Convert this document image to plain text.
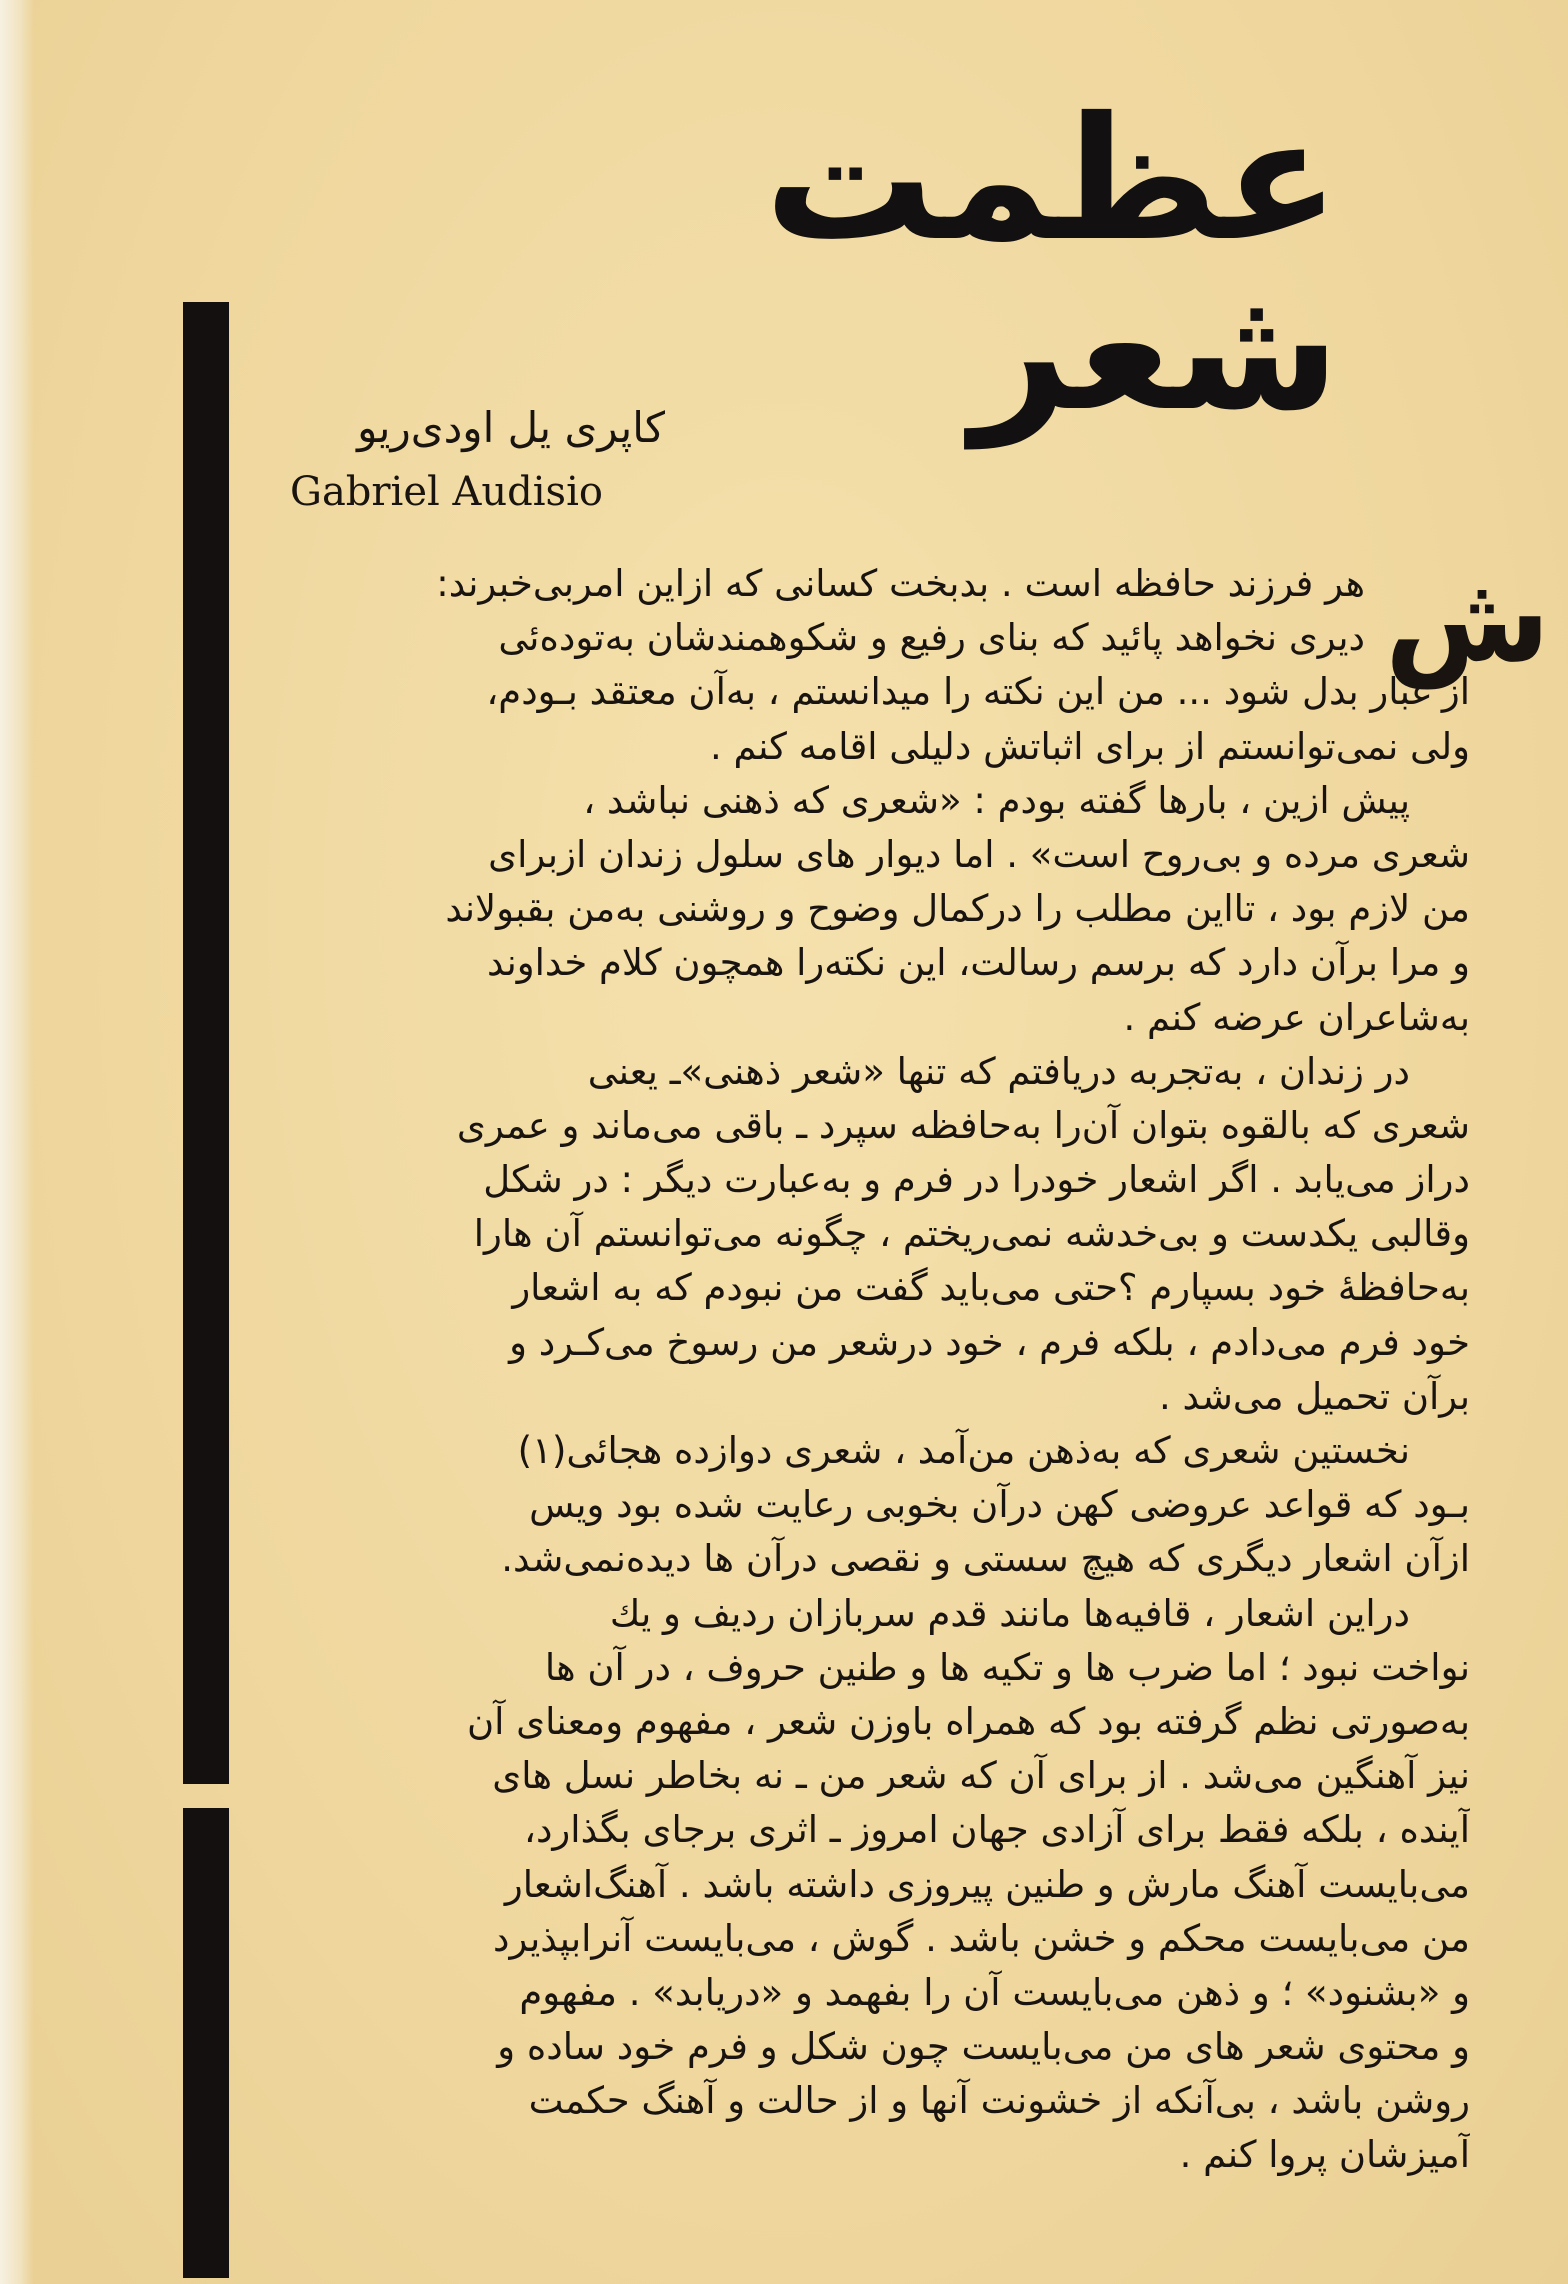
عظمت شعر
کاپری یل اودی‌ریو
Gabriel Audisio
ش
هر فرزند حافظه است . بدبخت کسانی که ازاین امربی‌خبرند:
دیری نخواهد پائید که بنای رفیع و شکوهمندشان به‌توده‌ئی
از غبار بدل شود ... من این نکته را میدانستم ، به‌آن معتقد بـودم،
ولی نمی‌توانستم از برای اثباتش دلیلی اقامه کنم .
پیش ازین ، بارها گفته بودم : «شعری که ذهنی نباشد ،
شعری مرده و بی‌روح است» . اما دیوار های سلول زندان ازبرای
من لازم بود ، تااین مطلب را درکمال وضوح و روشنی به‌من بقبولاند
و مرا برآن دارد که برسم رسالت، این نکته‌را همچون کلام خداوند
به‌شاعران عرضه کنم .
در زندان ، به‌تجربه دریافتم که تنها «شعر ذهنی»ـ یعنی
شعری که بالقوه بتوان آن‌را به‌حافظه سپرد ـ باقی می‌ماند و عمری
دراز می‌یابد . اگر اشعار خودرا در فرم و به‌عبارت دیگر : در شکل
وقالبی یکدست و بی‌خدشه نمی‌ریختم ، چگونه می‌توانستم آن هارا
به‌حافظهٔ خود بسپارم ؟حتی می‌باید گفت من نبودم که به اشعار
خود فرم می‌دادم ، بلکه فرم ، خود درشعر من رسوخ می‌کـرد و
برآن تحمیل می‌شد .
نخستین شعری که به‌ذهن من‌آمد ، شعری دوازده هجائی(۱)
بـود که قواعد عروضی کهن درآن بخوبی رعایت شده بود ویس
ازآن اشعار دیگری که هیچ سستی و نقصی درآن ها دیده‌نمی‌شد.
دراین اشعار ، قافیه‌ها مانند قدم سربازان ردیف و یك‌
نواخت نبود ؛ اما ضرب ها و تکیه ها و طنین حروف ، در آن ها
به‌صورتی نظم گرفته بود که همراه باوزن شعر ، مفهوم ومعنای آن
نیز آهنگین می‌شد . از برای آن که شعر من ـ نه بخاطر نسل های
آینده ، بلکه فقط برای آزادی جهان امروز ـ اثری برجای بگذارد،
می‌بایست آهنگ مارش و طنین پیروزی داشته باشد . آهنگ‌اشعار
من می‌بایست محکم و خشن باشد . گوش ، می‌بایست آنرابپذیرد
و «بشنود» ؛ و ذهن می‌بایست آن را بفهمد و «دریابد» . مفهوم
و محتوی شعر های من می‌بایست چون شکل و فرم خود ساده و
روشن باشد ، بی‌آنکه از خشونت آنها و از حالت و آهنگ حکمت
آمیزشان پروا کنم .
